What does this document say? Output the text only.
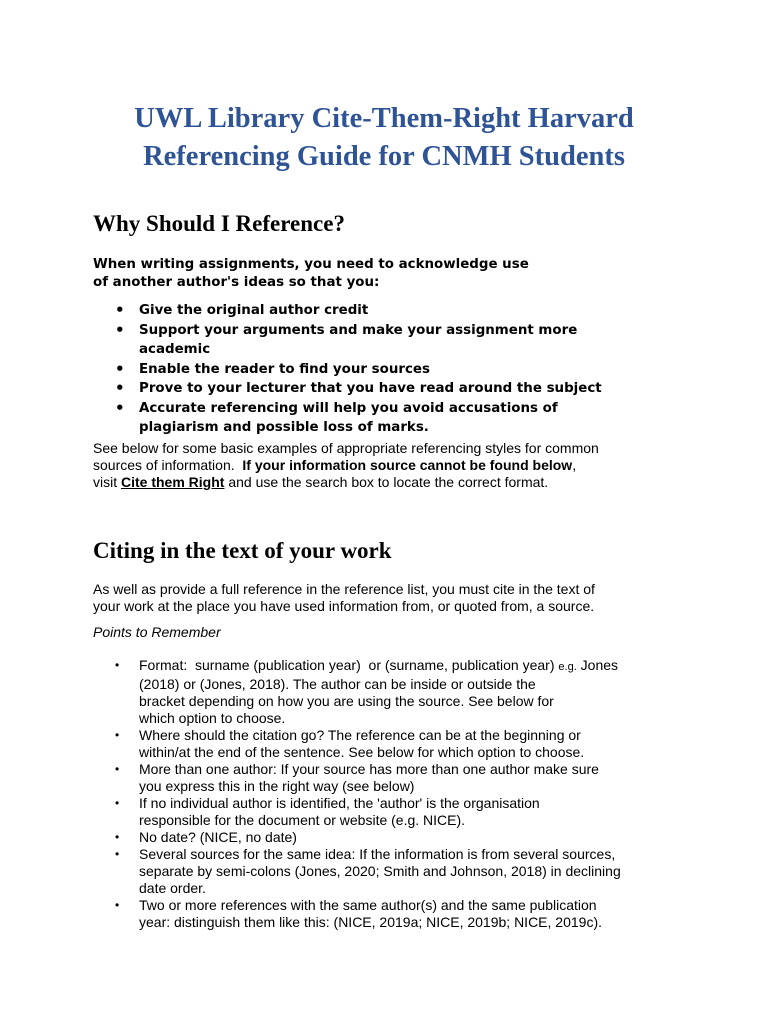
UWL Library Cite-Them-Right Harvard
Referencing Guide for CNMH Students
Why Should I Reference?

When writing assignments, you need to acknowledge use
of another author's ideas so that you:

• Give the original author credit
• Support your arguments and make your assignment more academic
• Enable the reader to find your sources
• Prove to your lecturer that you have read around the subject
• Accurate referencing will help you avoid accusations of plagiarism and possible loss of marks.

See below for some basic examples of appropriate referencing styles for common
sources of information.  If your information source cannot be found below,
visit Cite them Right and use the search box to locate the correct format.

Citing in the text of your work

As well as provide a full reference in the reference list, you must cite in the text of
your work at the place you have used information from, or quoted from, a source.

Points to Remember

• Format:  surname (publication year)  or (surname, publication year) e.g. Jones
(2018) or (Jones, 2018). The author can be inside or outside the
bracket depending on how you are using the source. See below for
which option to choose.
• Where should the citation go? The reference can be at the beginning or
within/at the end of the sentence. See below for which option to choose.
• More than one author: If your source has more than one author make sure
you express this in the right way (see below)
• If no individual author is identified, the 'author' is the organisation
responsible for the document or website (e.g. NICE).
• No date? (NICE, no date)
• Several sources for the same idea: If the information is from several sources,
separate by semi-colons (Jones, 2020; Smith and Johnson, 2018) in declining
date order.
• Two or more references with the same author(s) and the same publication
year: distinguish them like this: (NICE, 2019a; NICE, 2019b; NICE, 2019c).
